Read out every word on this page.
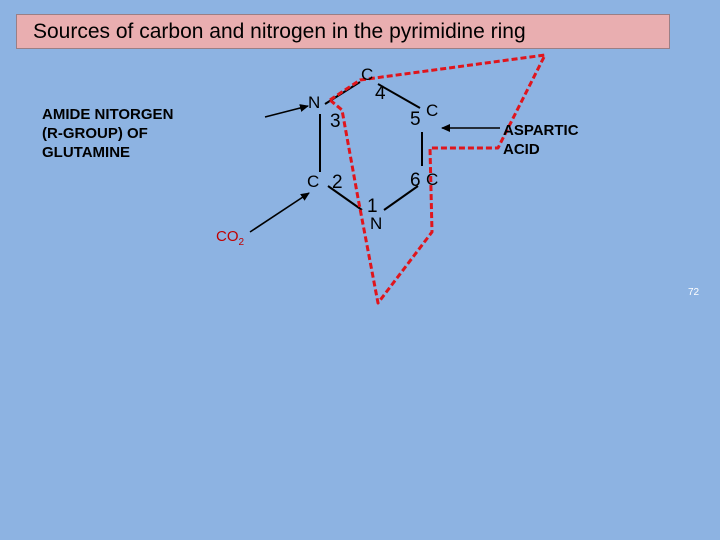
Sources of carbon and nitrogen in the pyrimidine ring
N
C
C
C
C
N
3
4
5
6
2
1
AMIDE NITORGEN
(R-GROUP) OF
GLUTAMINE
ASPARTIC
ACID
$CO_2$
72
